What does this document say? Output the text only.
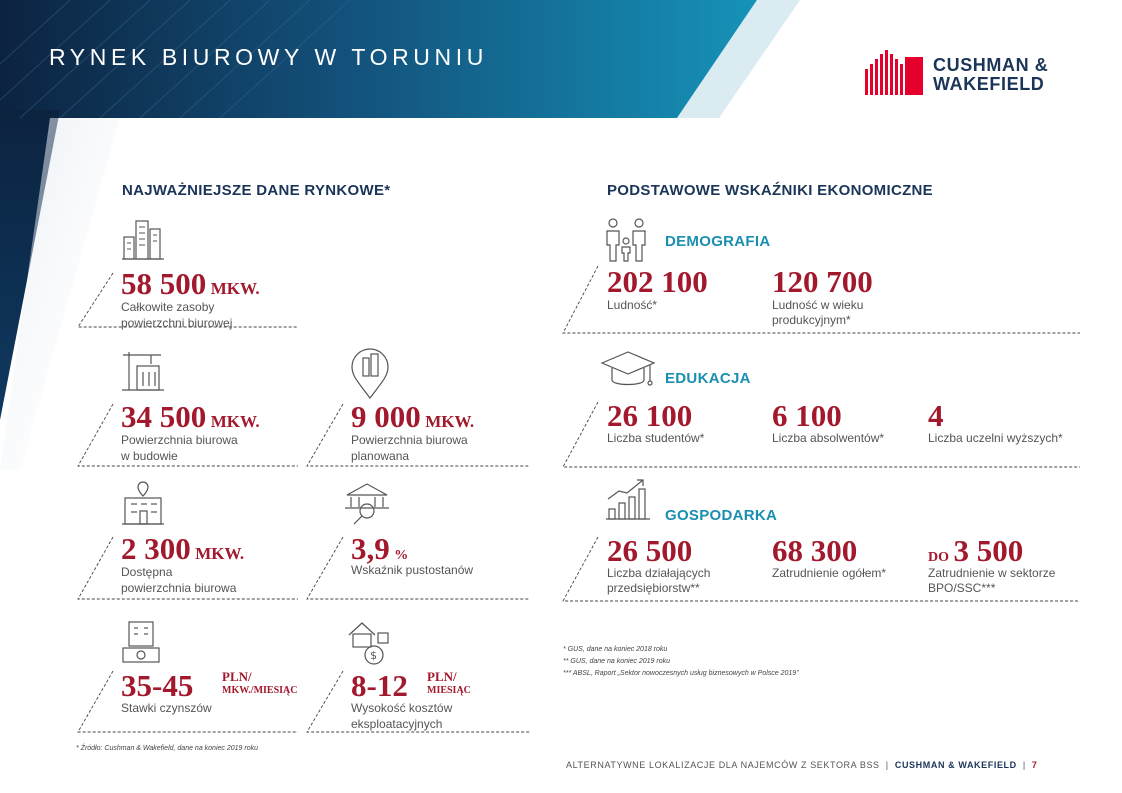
RYNEK BIUROWY W TORUNIU	CUSHMAN &
WAKEFIELD
NAJWAŻNIEJSZE DANE RYNKOWE*
$
58 500 MKW.
Całkowite zasoby
powierzchni biurowej
34 500 MKW.
Powierzchnia biurowa
w budowie
9 000 MKW.
Powierzchnia biurowa
planowana
2 300 MKW.
Dostępna
powierzchnia biurowa
3,9 %
Wskaźnik pustostanów
35-45 PLN/
MKW./MIESIĄC
Stawki czynszów
8-12 PLN/
MIESIĄC
Wysokość kosztów
eksploatacyjnych
* Źródło: Cushman & Wakefield, dane na koniec 2019 roku
PODSTAWOWE WSKAŹNIKI EKONOMICZNE
DEMOGRAFIA
202 100
Ludność*
120 700
Ludność w wieku
produkcyjnym*
EDUKACJA
26 100
Liczba studentów*
6 100
Liczba absolwentów*
4
Liczba uczelni wyższych*
GOSPODARKA
26 500
Liczba działających
przedsiębiorstw**
68 300
Zatrudnienie ogółem*
DO 3 500
Zatrudnienie w sektorze
BPO/SSC***
* GUS, dane na koniec 2018 roku
** GUS, dane na koniec 2019 roku
*** ABSL, Raport „Sektor nowoczesnych usług biznesowych w Polsce 2019”
ALTERNATYWNE LOKALIZACJE DLA NAJEMCÓW Z SEKTORA BSS | CUSHMAN & WAKEFIELD | 7
